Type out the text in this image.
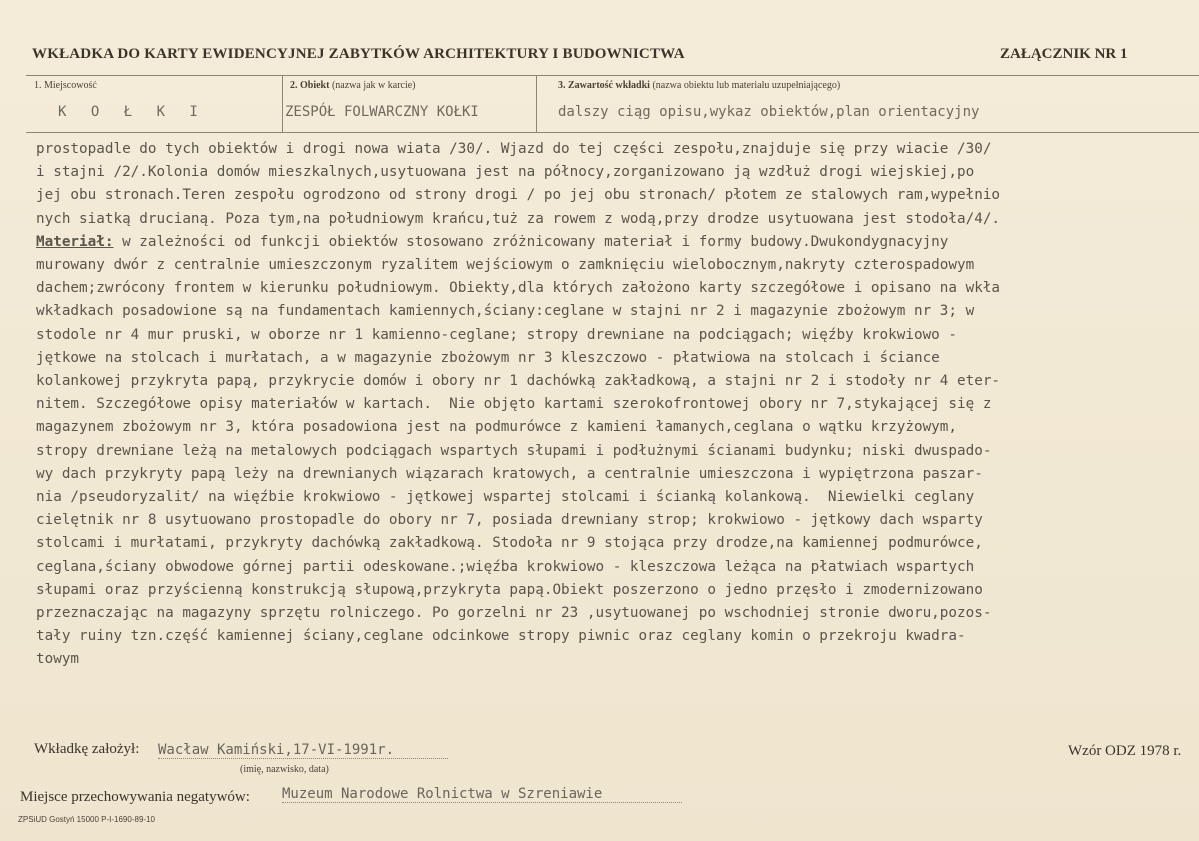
WKŁADKA DO KARTY EWIDENCYJNEJ ZABYTKÓW ARCHITEKTURY I BUDOWNICTWA	ZAŁĄCZNIK NR 1
1. Miejscowość
K O Ł K I
2. Obiekt (nazwa jak w karcie)
ZESPÓŁ FOLWARCZNY KOŁKI
3. Zawartość wkładki (nazwa obiektu lub materiału uzupełniającego)
dalszy ciąg opisu,wykaz obiektów,plan orientacyjny
prostopadle do tych obiektów i drogi nowa wiata /30/. Wjazd do tej części zespołu,znajduje się przy wiacie /30/
i stajni /2/.Kolonia domów mieszkalnych,usytuowana jest na północy,zorganizowano ją wzdłuż drogi wiejskiej,po
jej obu stronach.Teren zespołu ogrodzono od strony drogi / po jej obu stronach/ płotem ze stalowych ram,wypełnio
nych siatką drucianą. Poza tym,na południowym krańcu,tuż za rowem z wodą,przy drodze usytuowana jest stodoła/4/.
Materiał: w zależności od funkcji obiektów stosowano zróżnicowany materiał i formy budowy.Dwukondygnacyjny
murowany dwór z centralnie umieszczonym ryzalitem wejściowym o zamknięciu wielobocznym,nakryty czterospadowym
dachem;zwrócony frontem w kierunku południowym. Obiekty,dla których założono karty szczegółowe i opisano na wkła
wkładkach posadowione są na fundamentach kamiennych,ściany:ceglane w stajni nr 2 i magazynie zbożowym nr 3; w
stodole nr 4 mur pruski, w oborze nr 1 kamienno-ceglane; stropy drewniane na podciągach; więźby krokwiowo -
jętkowe na stolcach i murłatach, a w magazynie zbożowym nr 3 kleszczowo - płatwiowa na stolcach i ściance
kolankowej przykryta papą, przykrycie domów i obory nr 1 dachówką zakładkową, a stajni nr 2 i stodoły nr 4 eter-
nitem. Szczegółowe opisy materiałów w kartach.  Nie objęto kartami szerokofrontowej obory nr 7,stykającej się z
magazynem zbożowym nr 3, która posadowiona jest na podmurówce z kamieni łamanych,ceglana o wątku krzyżowym,
stropy drewniane leżą na metalowych podciągach wspartych słupami i podłużnymi ścianami budynku; niski dwuspado-
wy dach przykryty papą leży na drewnianych wiązarach kratowych, a centralnie umieszczona i wypiętrzona paszar-
nia /pseudoryzalit/ na więźbie krokwiowo - jętkowej wspartej stolcami i ścianką kolankową.  Niewielki ceglany
cielętnik nr 8 usytuowano prostopadle do obory nr 7, posiada drewniany strop; krokwiowo - jętkowy dach wsparty
stolcami i murłatami, przykryty dachówką zakładkową. Stodoła nr 9 stojąca przy drodze,na kamiennej podmurówce,
ceglana,ściany obwodowe górnej partii odeskowane.;więźba krokwiowo - kleszczowa leżąca na płatwiach wspartych
słupami oraz przyścienną konstrukcją słupową,przykryta papą.Obiekt poszerzono o jedno przęsło i zmodernizowano
przeznaczając na magazyny sprzętu rolniczego. Po gorzelni nr 23 ,usytuowanej po wschodniej stronie dworu,pozos-
tały ruiny tzn.część kamiennej ściany,ceglane odcinkowe stropy piwnic oraz ceglany komin o przekroju kwadra-
towym
Wkładkę założył: Wacław Kamiński,17-VI-1991r.
(imię, nazwisko, data)
Wzór ODZ 1978 r.
Miejsce przechowywania negatywów: Muzeum Narodowe Rolnictwa w Szreniawie
ZPSiUD Gostyń 15000 P-I-1690-89-10
